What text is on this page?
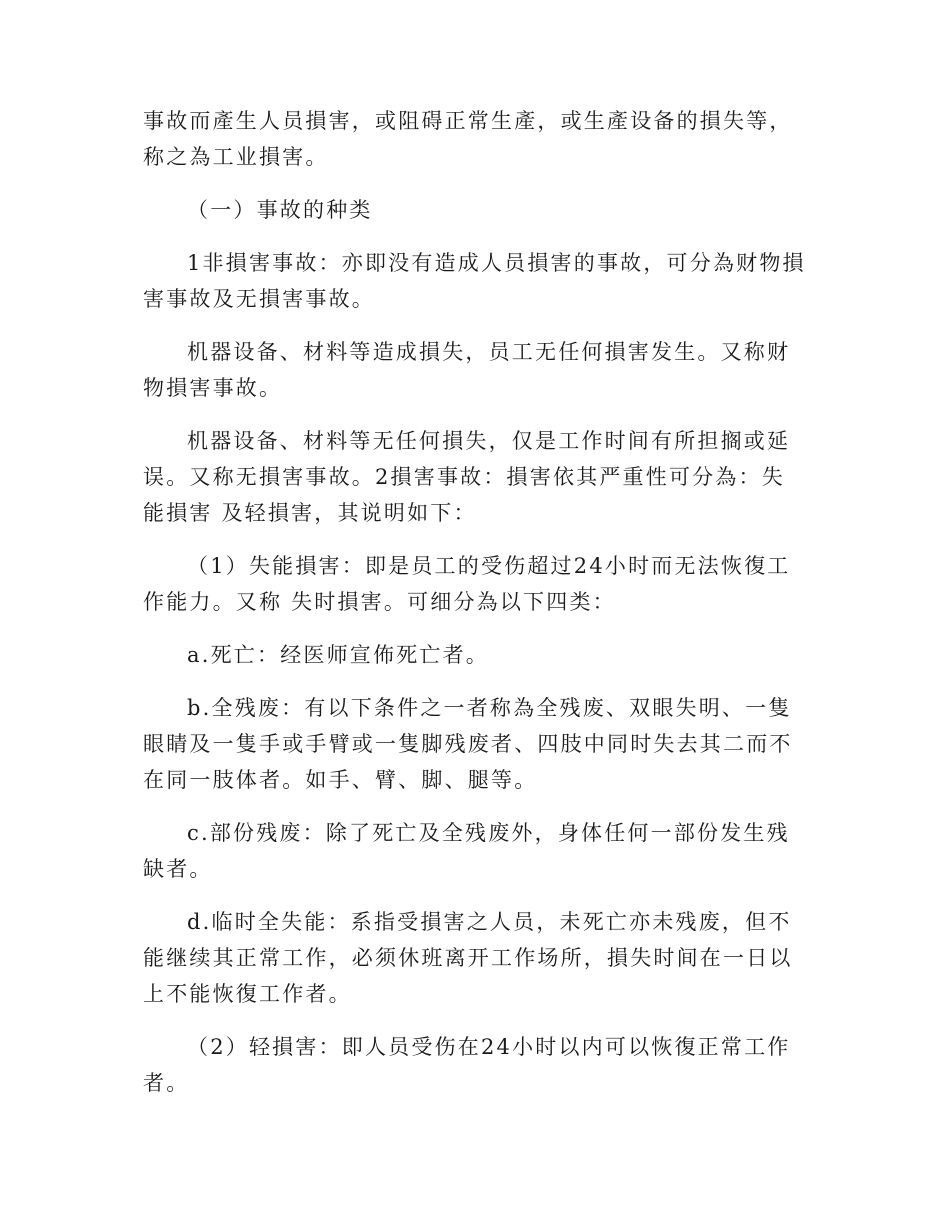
事故而產生人员損害，或阻碍正常生產，或生產设备的損失等，称之為工业損害。

（一）事故的种类

1非損害事故：亦即没有造成人员損害的事故，可分為财物損害事故及无損害事故。

机器设备、材料等造成損失，员工无任何損害发生。又称财物損害事故。

机器设备、材料等无任何損失，仅是工作时间有所担搁或延误。又称无損害事故。2損害事故：損害依其严重性可分為：失能損害 及轻損害，其说明如下：

（1）失能損害：即是员工的受伤超过24小时而无法恢復工作能力。又称 失时損害。可细分為以下四类：

a.死亡：经医师宣佈死亡者。

b.全残废：有以下条件之一者称為全残废、双眼失明、一隻眼睛及一隻手或手臂或一隻脚残废者、四肢中同时失去其二而不在同一肢体者。如手、臂、脚、腿等。

c.部份残废：除了死亡及全残废外，身体任何一部份发生残缺者。

d.临时全失能：系指受損害之人员，未死亡亦未残废，但不能继续其正常工作，必须休班离开工作场所，損失时间在一日以上不能恢復工作者。

（2）轻損害：即人员受伤在24小时以内可以恢復正常工作者。
